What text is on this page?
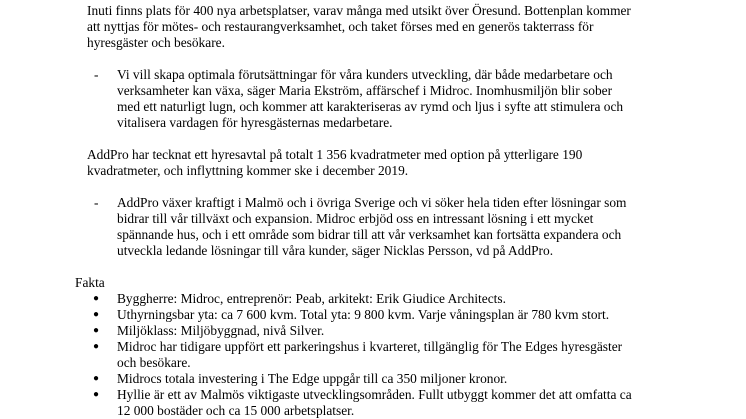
Inuti finns plats för 400 nya arbetsplatser, varav många med utsikt över Öresund. Bottenplan kommer
att nyttjas för mötes- och restaurangverksamhet, och taket förses med en generös takterrass för
hyresgäster och besökare.
- Vi vill skapa optimala förutsättningar för våra kunders utveckling, där både medarbetare och
verksamheter kan växa, säger Maria Ekström, affärschef i Midroc. Inomhusmiljön blir sober
med ett naturligt lugn, och kommer att karakteriseras av rymd och ljus i syfte att stimulera och
vitalisera vardagen för hyresgästernas medarbetare.
AddPro har tecknat ett hyresavtal på totalt 1 356 kvadratmeter med option på ytterligare 190
kvadratmeter, och inflyttning kommer ske i december 2019.
- AddPro växer kraftigt i Malmö och i övriga Sverige och vi söker hela tiden efter lösningar som
bidrar till vår tillväxt och expansion. Midroc erbjöd oss en intressant lösning i ett mycket
spännande hus, och i ett område som bidrar till att vår verksamhet kan fortsätta expandera och
utveckla ledande lösningar till våra kunder, säger Nicklas Persson, vd på AddPro.
Fakta
● Byggherre: Midroc, entreprenör: Peab, arkitekt: Erik Giudice Architects.
● Uthyrningsbar yta: ca 7 600 kvm. Total yta: 9 800 kvm. Varje våningsplan är 780 kvm stort.
● Miljöklass: Miljöbyggnad, nivå Silver.
● Midroc har tidigare uppfört ett parkeringshus i kvarteret, tillgänglig för The Edges hyresgäster
och besökare.
● Midrocs totala investering i The Edge uppgår till ca 350 miljoner kronor.
● Hyllie är ett av Malmös viktigaste utvecklingsområden. Fullt utbyggt kommer det att omfatta ca
12 000 bostäder och ca 15 000 arbetsplatser.
